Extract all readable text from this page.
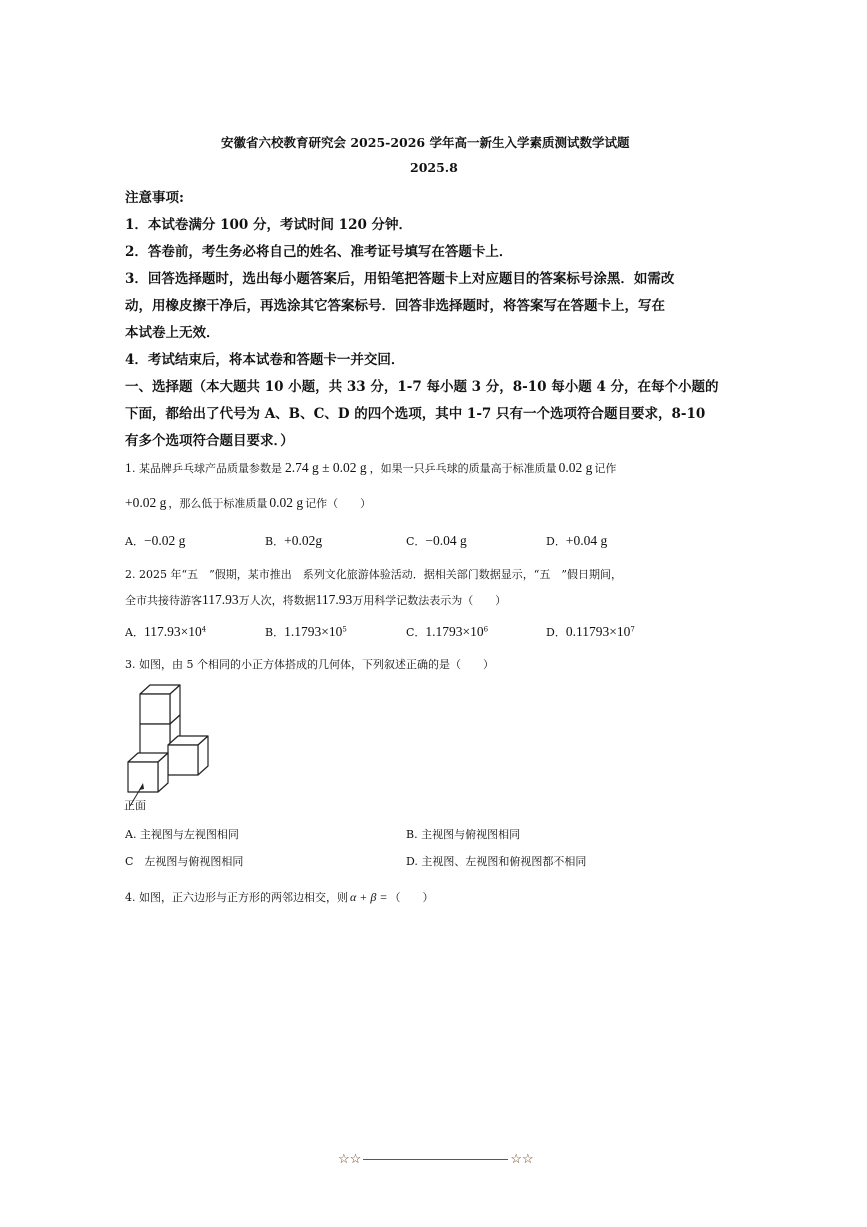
安徽省六校教育研究会 2025-2026 学年高一新生入学素质测试数学试题
2025.8
注意事项:
1．本试卷满分 100 分，考试时间 120 分钟．
2．答卷前，考生务必将自己的姓名、准考证号填写在答题卡上．
3．回答选择题时，选出每小题答案后，用铅笔把答题卡上对应题目的答案标号涂黑．如需改
动，用橡皮擦干净后，再选涂其它答案标号．回答非选择题时，将答案写在答题卡上，写在
本试卷上无效．
4．考试结束后，将本试卷和答题卡一并交回．
一、选择题（本大题共 10 小题，共 33 分，1-7 每小题 3 分，8-10 每小题 4 分，在每个小题的
下面，都给出了代号为 A、B、C、D 的四个选项，其中 1-7 只有一个选项符合题目要求，8-10
有多个选项符合题目要求．）
1. 某品牌乒乓球产品质量参数是 2.74 g ± 0.02 g ，如果一只乒乓球的质量高于标准质量 0.02 g 记作
+0.02 g ，那么低于标准质量 0.02 g 记作（　　）
A．−0.02 g	B．+0.02g	C．−0.04 g	D．+0.04 g
2. 2025 年“五　”假期，某市推出　系列文化旅游体验活动．据相关部门数据显示，“五　”假日期间，
全市共接待游客117.93万人次，将数据117.93万用科学记数法表示为（　　）
A．$117.93\times 10^4$	B．$1.1793\times 10^5$	C．$1.1793\times 10^6$	D．$0.11793\times 10^7$
3. 如图，由 5 个相同的小正方体搭成的几何体，下列叙述正确的是（　　）
正面
A. 主视图与左视图相同	B. 主视图与俯视图相同
C　左视图与俯视图相同	D. 主视图、左视图和俯视图都不相同
4. 如图，正六边形与正方形的两邻边相交，则 α + β = （　　）
☆☆	☆☆
